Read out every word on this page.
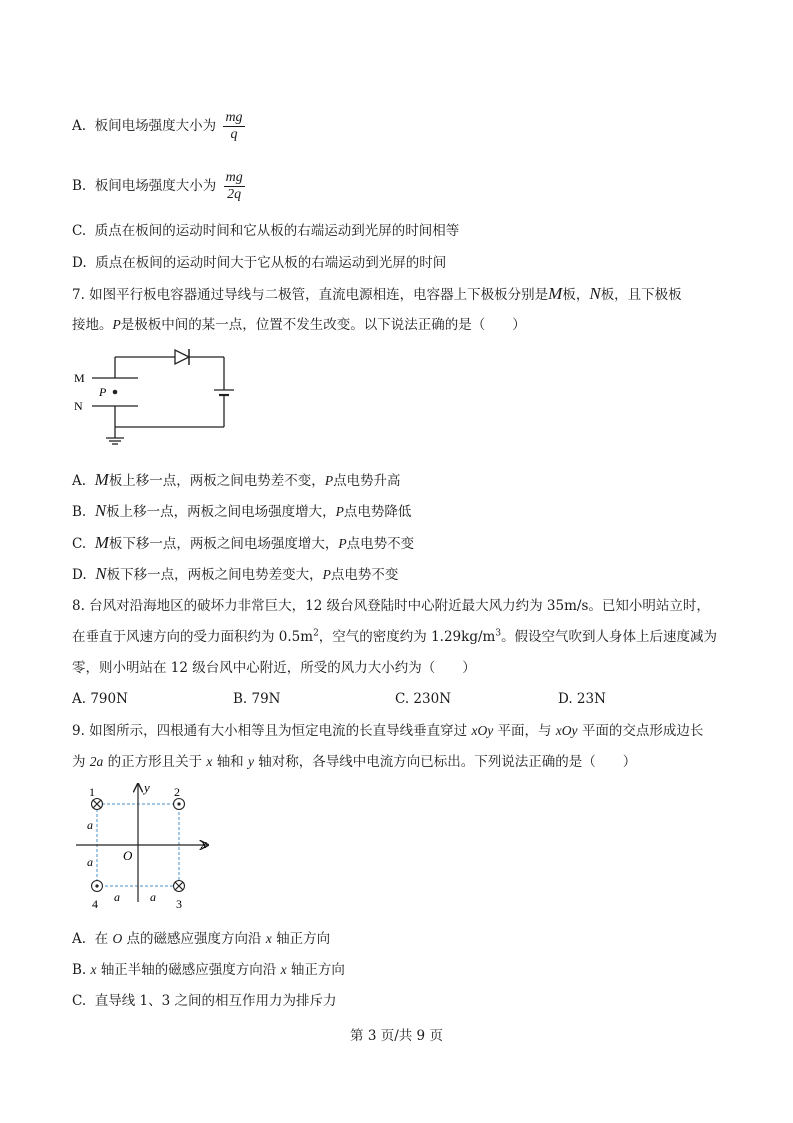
A. 板间电场强度大小为 $\frac{mg}{q}$
B. 板间电场强度大小为 $\frac{mg}{2q}$
C. 质点在板间的运动时间和它从板的右端运动到光屏的时间相等
D. 质点在板间的运动时间大于它从板的右端运动到光屏的时间
7. 如图平行板电容器通过导线与二极管，直流电源相连，电容器上下极板分别是M板，N板，且下极板
接地。P是极板中间的某一点，位置不发生改变。以下说法正确的是（　　）
M
N
P
A. M板上移一点，两板之间电势差不变，P点电势升高
B. N板上移一点，两板之间电场强度增大，P点电势降低
C. M板下移一点，两板之间电场强度增大，P点电势不变
D. N板下移一点，两板之间电势差变大，P点电势不变
8. 台风对沿海地区的破坏力非常巨大，12 级台风登陆时中心附近最大风力约为 35m/s。已知小明站立时，
在垂直于风速方向的受力面积约为 $0.5m^2$，空气的密度约为 $1.29kg/m^3$。假设空气吹到人身体上后速度减为
零，则小明站在 12 级台风中心附近，所受的风力大小约为（　　）
A. 790N	B. 79N	C. 230N	D. 23N
9. 如图所示，四根通有大小相等且为恒定电流的长直导线垂直穿过 xOy 平面，与 xOy 平面的交点形成边长
为 2a 的正方形且关于 x 轴和 y 轴对称，各导线中电流方向已标出。下列说法正确的是（　　）
y
x
O
a
a
a	a
1	2
3
4
A. 在 O 点的磁感应强度方向沿 x 轴正方向
B. x 轴正半轴的磁感应强度方向沿 x 轴正方向
C. 直导线 1、3 之间的相互作用力为排斥力
第 3 页/共 9 页
